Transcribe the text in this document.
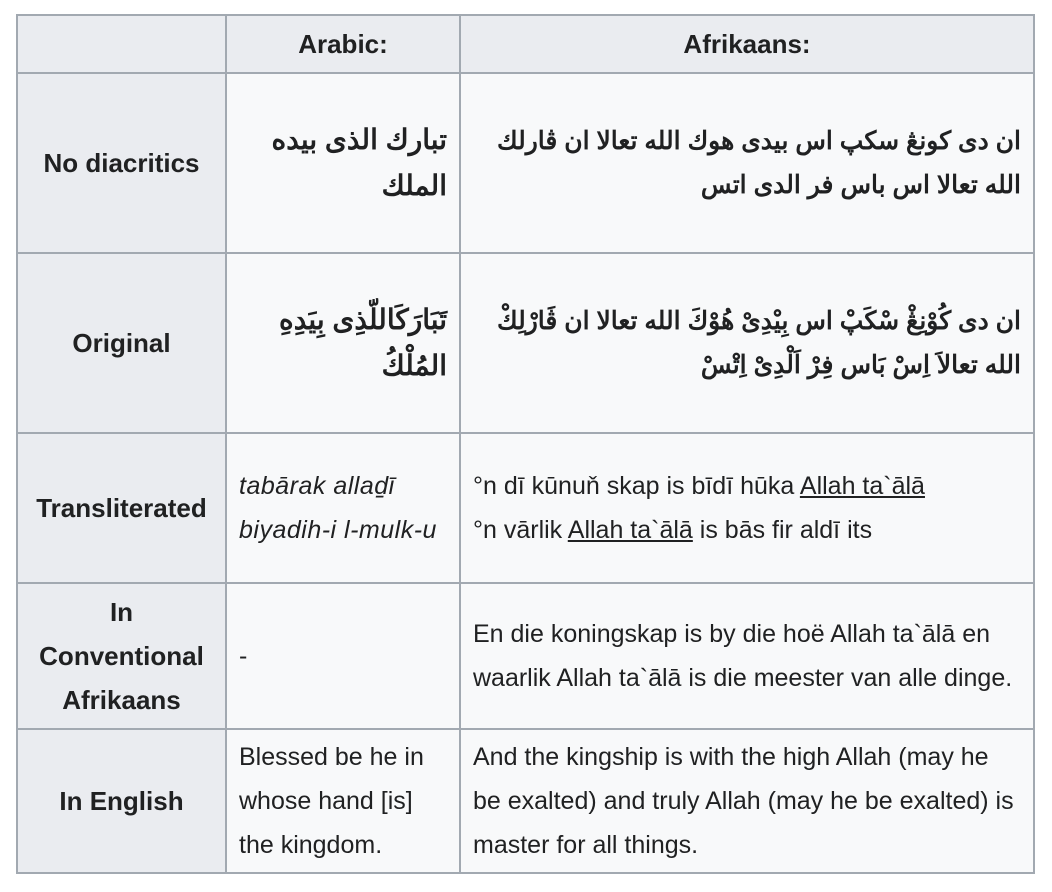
	Arabic:	Afrikaans:
No diacritics	تبارك الذى بيده الملك	ان دى كونڠ سكپ اس بيدى هوك الله تعالا ان ڤارلك الله تعالا اس باس فر الدى اتس
Original	تَبَارَكَاللّذِى بِيَدِهِ المُلْكُ	ان دى كُوْنِڠْ سْكَپْ اس بِيْدِیْ هُوْكَ الله تعالا ان ڤَارْلِكْ الله تعالاَ اِسْ بَاس فِرْ اَلْدِیْ اِتْسْ
Transliterated	tabārak allaḏī biyadih-i l-mulk-u	°n dī kūnuň skap is bīdī hūka Allah ta`ālā
°n vārlik Allah ta`ālā is bās fir aldī its
In Conventional Afrikaans	-	En die koningskap is by die hoë Allah ta`ālā en waarlik Allah ta`ālā is die meester van alle dinge.
In English	Blessed be he in whose hand [is] the kingdom.	And the kingship is with the high Allah (may he be exalted) and truly Allah (may he be exalted) is master for all things.
